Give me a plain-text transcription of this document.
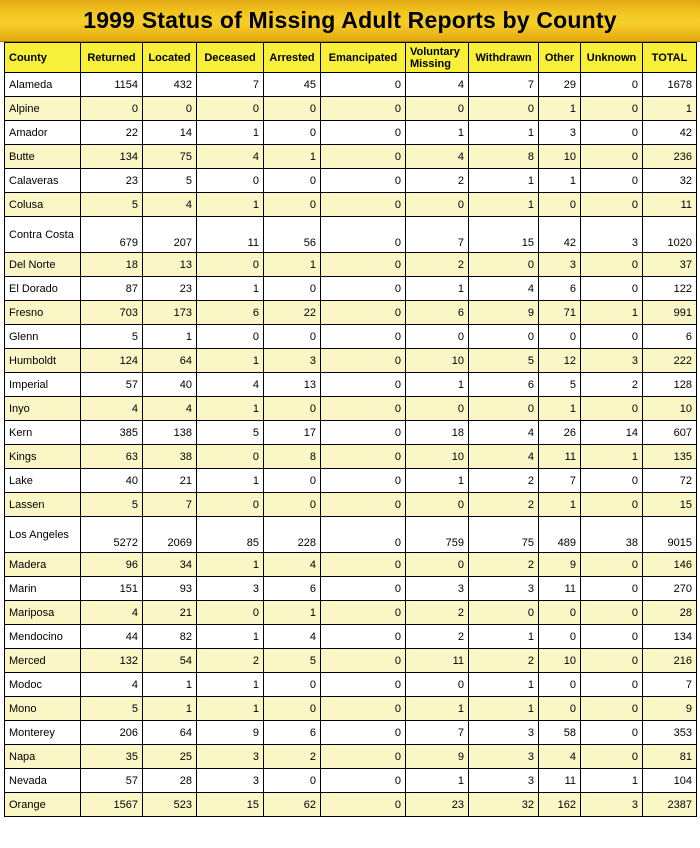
1999 Status of Missing Adult Reports by County
County	Returned	Located	Deceased	Arrested	Emancipated	Voluntary Missing	Withdrawn	Other	Unknown	TOTAL
Alameda	1154	432	7	45	0	4	7	29	0	1678
Alpine	0	0	0	0	0	0	0	1	0	1
Amador	22	14	1	0	0	1	1	3	0	42
Butte	134	75	4	1	0	4	8	10	0	236
Calaveras	23	5	0	0	0	2	1	1	0	32
Colusa	5	4	1	0	0	0	1	0	0	11
Contra Costa	679	207	11	56	0	7	15	42	3	1020
Del Norte	18	13	0	1	0	2	0	3	0	37
El Dorado	87	23	1	0	0	1	4	6	0	122
Fresno	703	173	6	22	0	6	9	71	1	991
Glenn	5	1	0	0	0	0	0	0	0	6
Humboldt	124	64	1	3	0	10	5	12	3	222
Imperial	57	40	4	13	0	1	6	5	2	128
Inyo	4	4	1	0	0	0	0	1	0	10
Kern	385	138	5	17	0	18	4	26	14	607
Kings	63	38	0	8	0	10	4	11	1	135
Lake	40	21	1	0	0	1	2	7	0	72
Lassen	5	7	0	0	0	0	2	1	0	15
Los Angeles	5272	2069	85	228	0	759	75	489	38	9015
Madera	96	34	1	4	0	0	2	9	0	146
Marin	151	93	3	6	0	3	3	11	0	270
Mariposa	4	21	0	1	0	2	0	0	0	28
Mendocino	44	82	1	4	0	2	1	0	0	134
Merced	132	54	2	5	0	11	2	10	0	216
Modoc	4	1	1	0	0	0	1	0	0	7
Mono	5	1	1	0	0	1	1	0	0	9
Monterey	206	64	9	6	0	7	3	58	0	353
Napa	35	25	3	2	0	9	3	4	0	81
Nevada	57	28	3	0	0	1	3	11	1	104
Orange	1567	523	15	62	0	23	32	162	3	2387
